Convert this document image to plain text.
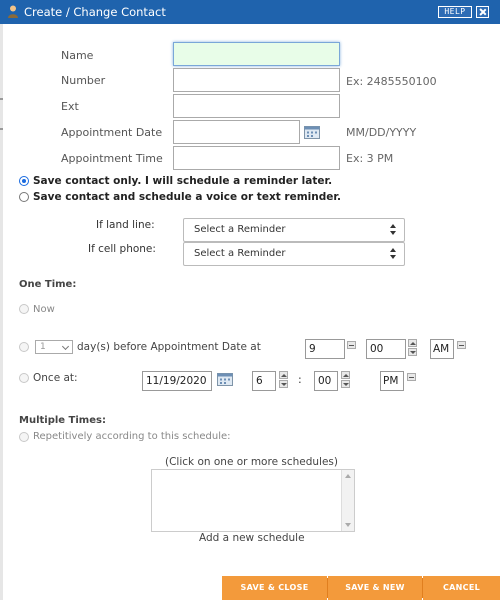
Create / Change Contact	HELP
Name
Number	Ex: 2485550100
Ext
Appointment Date	MM/DD/YYYY
Appointment Time	Ex: 3 PM
Save contact only. I will schedule a reminder later.
Save contact and schedule a voice or text reminder.
If land line:	Select a Reminder
If cell phone:	Select a Reminder
One Time:
Now
1	day(s) before Appointment Date at	9	00	AM
Once at:	11/19/2020	6	:	00	PM
Multiple Times:
Repetitively according to this schedule:
(Click on one or more schedules)
Add a new schedule
SAVE & CLOSE	SAVE & NEW	CANCEL
